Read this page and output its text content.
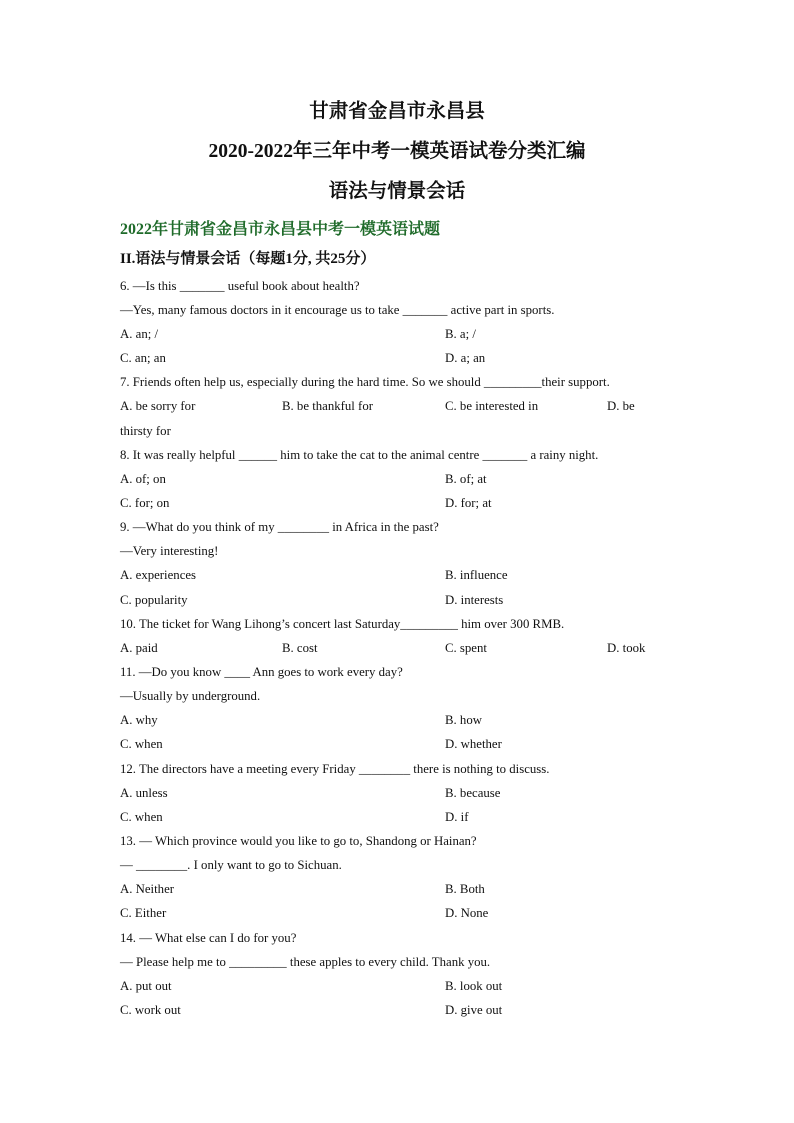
甘肃省金昌市永昌县
2020-2022年三年中考一模英语试卷分类汇编
语法与情景会话
2022年甘肃省金昌市永昌县中考一模英语试题
II.语法与情景会话（每题1分, 共25分）
6. —Is this _______ useful book about health?
—Yes, many famous doctors in it encourage us to take _______ active part in sports.
A. an; /	B. a; /
C. an; an	D. a; an
7. Friends often help us, especially during the hard time. So we should _________their support.
A. be sorry for	B. be thankful for	C. be interested in	D. be
thirsty for
8. It was really helpful ______ him to take the cat to the animal centre _______ a rainy night.
A. of; on	B. of; at
C. for; on	D. for; at
9. —What do you think of my ________ in Africa in the past?
—Very interesting!
A. experiences	B. influence
C. popularity	D. interests
10. The ticket for Wang Lihong’s concert last Saturday_________ him over 300 RMB.
A. paid	B. cost	C. spent	D. took
11. —Do you know ____ Ann goes to work every day?
—Usually by underground.
A. why	B. how
C. when	D. whether
12. The directors have a meeting every Friday ________ there is nothing to discuss.
A. unless	B. because
C. when	D. if
13. — Which province would you like to go to, Shandong or Hainan?
— ________. I only want to go to Sichuan.
A. Neither	B. Both
C. Either	D. None
14. — What else can I do for you?
— Please help me to _________ these apples to every child. Thank you.
A. put out	B. look out
C. work out	D. give out
